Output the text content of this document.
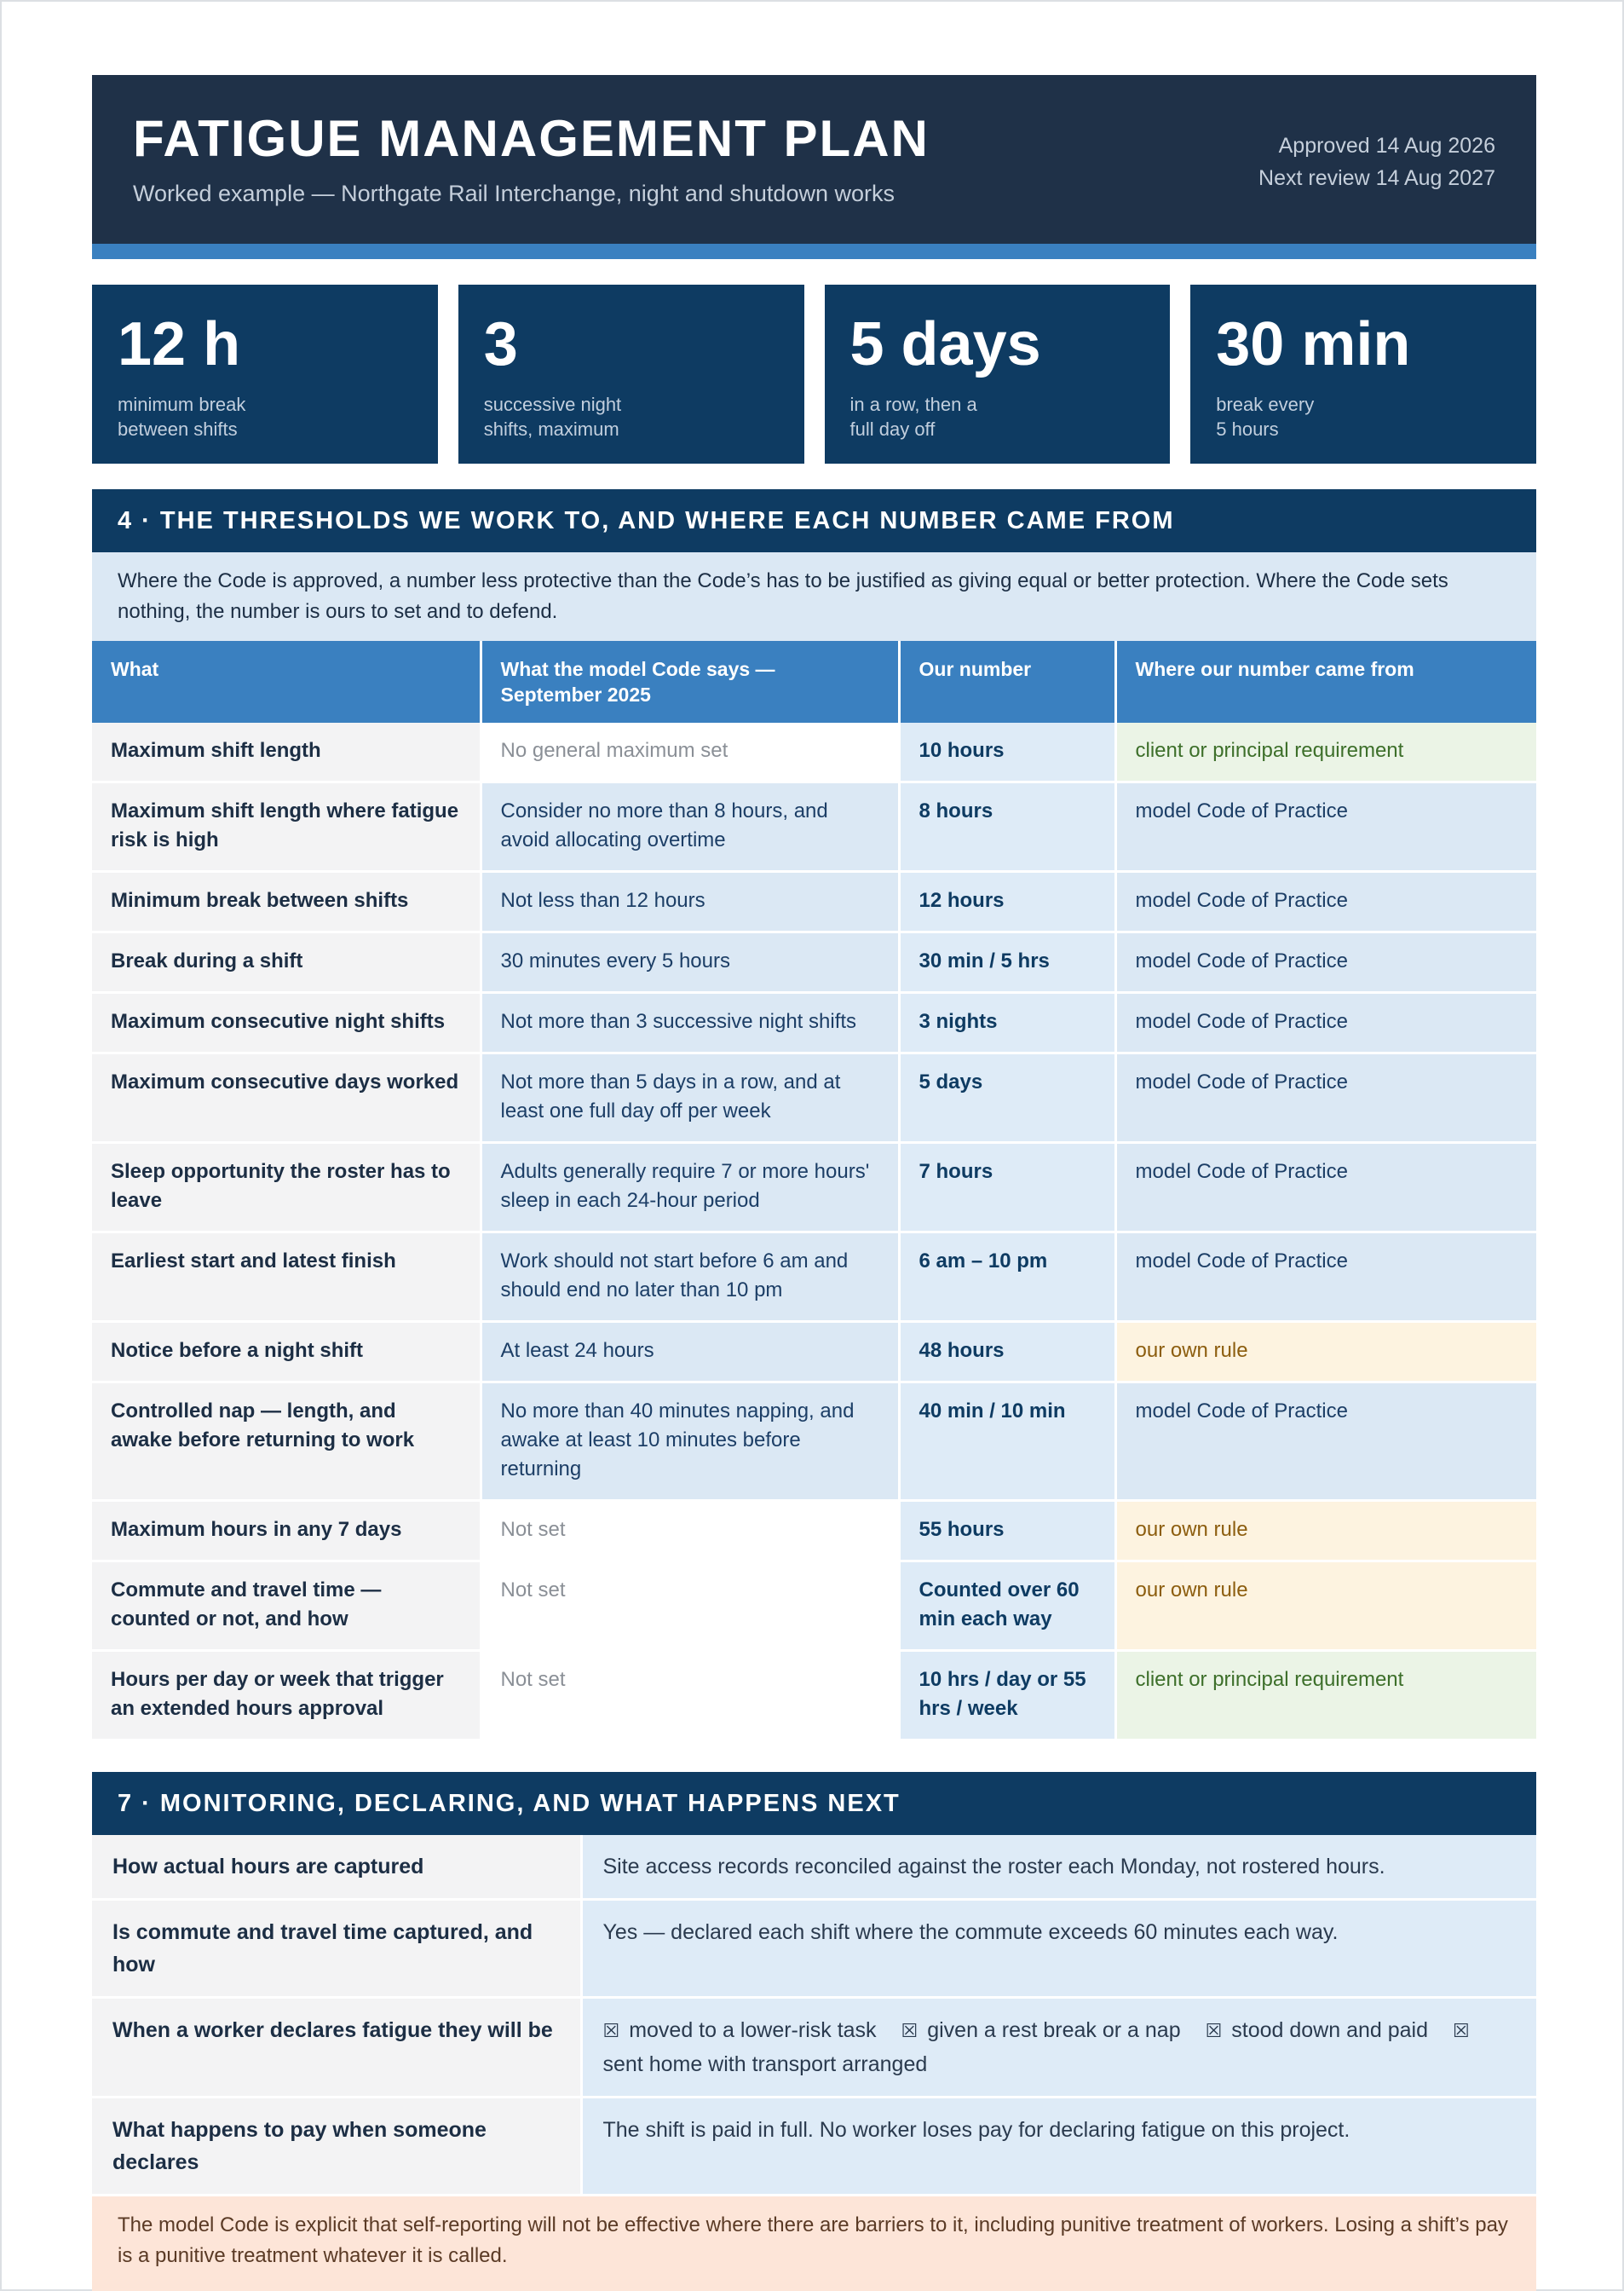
FATIGUE MANAGEMENT PLAN
Worked example — Northgate Rail Interchange, night and shutdown works
Approved 14 Aug 2026
Next review 14 Aug 2027
12 h
minimum break
between shifts
3
successive night
shifts, maximum
5 days
in a row, then a
full day off
30 min
break every
5 hours
4 · THE THRESHOLDS WE WORK TO, AND WHERE EACH NUMBER CAME FROM
Where the Code is approved, a number less protective than the Code’s has to be justified as giving equal or better protection. Where the Code sets nothing, the number is ours to set and to defend.
What	What the model Code says — September 2025	Our number	Where our number came from
Maximum shift length	No general maximum set	10 hours	client or principal requirement
Maximum shift length where fatigue risk is high	Consider no more than 8 hours, and avoid allocating overtime	8 hours	model Code of Practice
Minimum break between shifts	Not less than 12 hours	12 hours	model Code of Practice
Break during a shift	30 minutes every 5 hours	30 min / 5 hrs	model Code of Practice
Maximum consecutive night shifts	Not more than 3 successive night shifts	3 nights	model Code of Practice
Maximum consecutive days worked	Not more than 5 days in a row, and at least one full day off per week	5 days	model Code of Practice
Sleep opportunity the roster has to leave	Adults generally require 7 or more hours' sleep in each 24-hour period	7 hours	model Code of Practice
Earliest start and latest finish	Work should not start before 6 am and should end no later than 10 pm	6 am – 10 pm	model Code of Practice
Notice before a night shift	At least 24 hours	48 hours	our own rule
Controlled nap — length, and awake before returning to work	No more than 40 minutes napping, and awake at least 10 minutes before returning	40 min / 10 min	model Code of Practice
Maximum hours in any 7 days	Not set	55 hours	our own rule
Commute and travel time — counted or not, and how	Not set	Counted over 60 min each way	our own rule
Hours per day or week that trigger an extended hours approval	Not set	10 hrs / day or 55 hrs / week	client or principal requirement
7 · MONITORING, DECLARING, AND WHAT HAPPENS NEXT
How actual hours are captured	Site access records reconciled against the roster each Monday, not rostered hours.
Is commute and travel time captured, and how	Yes — declared each shift where the commute exceeds 60 minutes each way.
When a worker declares fatigue they will be	☒ moved to a lower-risk task ☒ given a rest break or a nap ☒ stood down and paid ☒ sent home with transport arranged
What happens to pay when someone declares	The shift is paid in full. No worker loses pay for declaring fatigue on this project.
The model Code is explicit that self-reporting will not be effective where there are barriers to it, including punitive treatment of workers. Losing a shift’s pay is a punitive treatment whatever it is called.
